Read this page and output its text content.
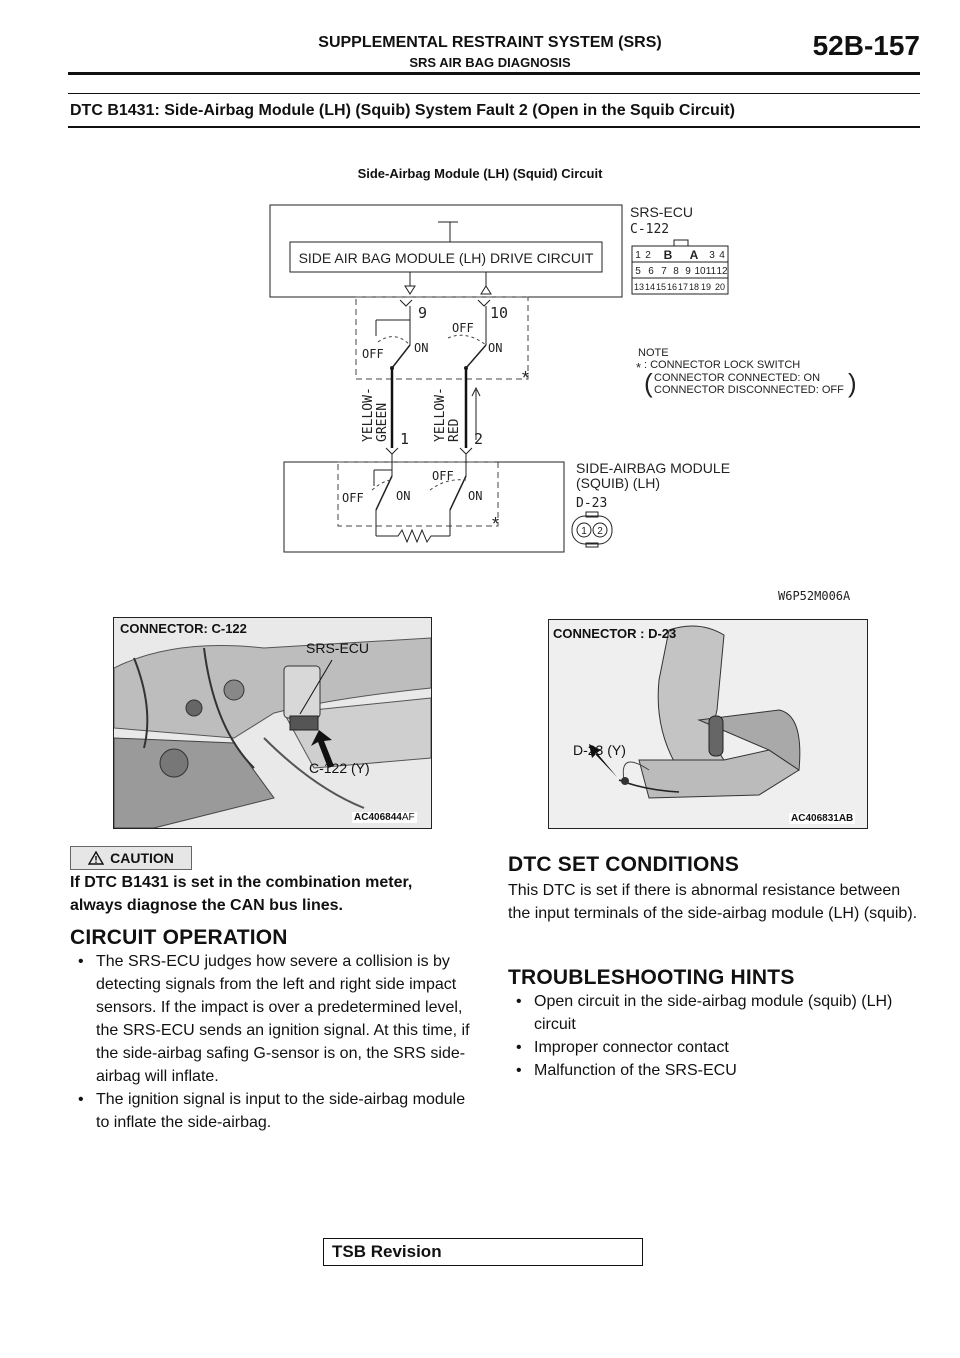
SUPPLEMENTAL RESTRAINT SYSTEM (SRS)
SRS AIR BAG DIAGNOSIS
52B-157
DTC B1431: Side-Airbag Module (LH) (Squib) System Fault 2 (Open in the Squib Circuit)
Side-Airbag Module (LH) (Squid) Circuit
SIDE AIR BAG MODULE (LH) DRIVE CIRCUIT
SRS-ECU
C-122
1 2 B A 3 4
5 6 7 8 9 10 11 12
13 14 15 16 17 18 19 20
9	10
OFF	ON
OFF
ON
*
YELLOW- GREEN	YELLOW- RED
1	2
NOTE
* : CONNECTOR LOCK SWITCH
( CONNECTOR CONNECTED: ON
CONNECTOR DISCONNECTED: OFF )
OFF	ON
OFF
ON
*
SIDE-AIRBAG MODULE
(SQUIB) (LH)
D-23
1 2
W6P52M006A
CONNECTOR: C-122
SRS-ECU
C-122 (Y)
AC406844AF
CONNECTOR : D-23
D-23 (Y)
AC406831AB
CAUTION
If DTC B1431 is set in the combination meter, always diagnose the CAN bus lines.
CIRCUIT OPERATION
• The SRS-ECU judges how severe a collision is by detecting signals from the left and right side impact sensors. If the impact is over a predetermined level, the SRS-ECU sends an ignition signal. At this time, if the side-airbag safing G-sensor is on, the SRS side-airbag will inflate.
• The ignition signal is input to the side-airbag module to inflate the side-airbag.
DTC SET CONDITIONS
This DTC is set if there is abnormal resistance between the input terminals of the side-airbag module (LH) (squib).
TROUBLESHOOTING HINTS
• Open circuit in the side-airbag module (squib) (LH) circuit
• Improper connector contact
• Malfunction of the SRS-ECU
TSB Revision
